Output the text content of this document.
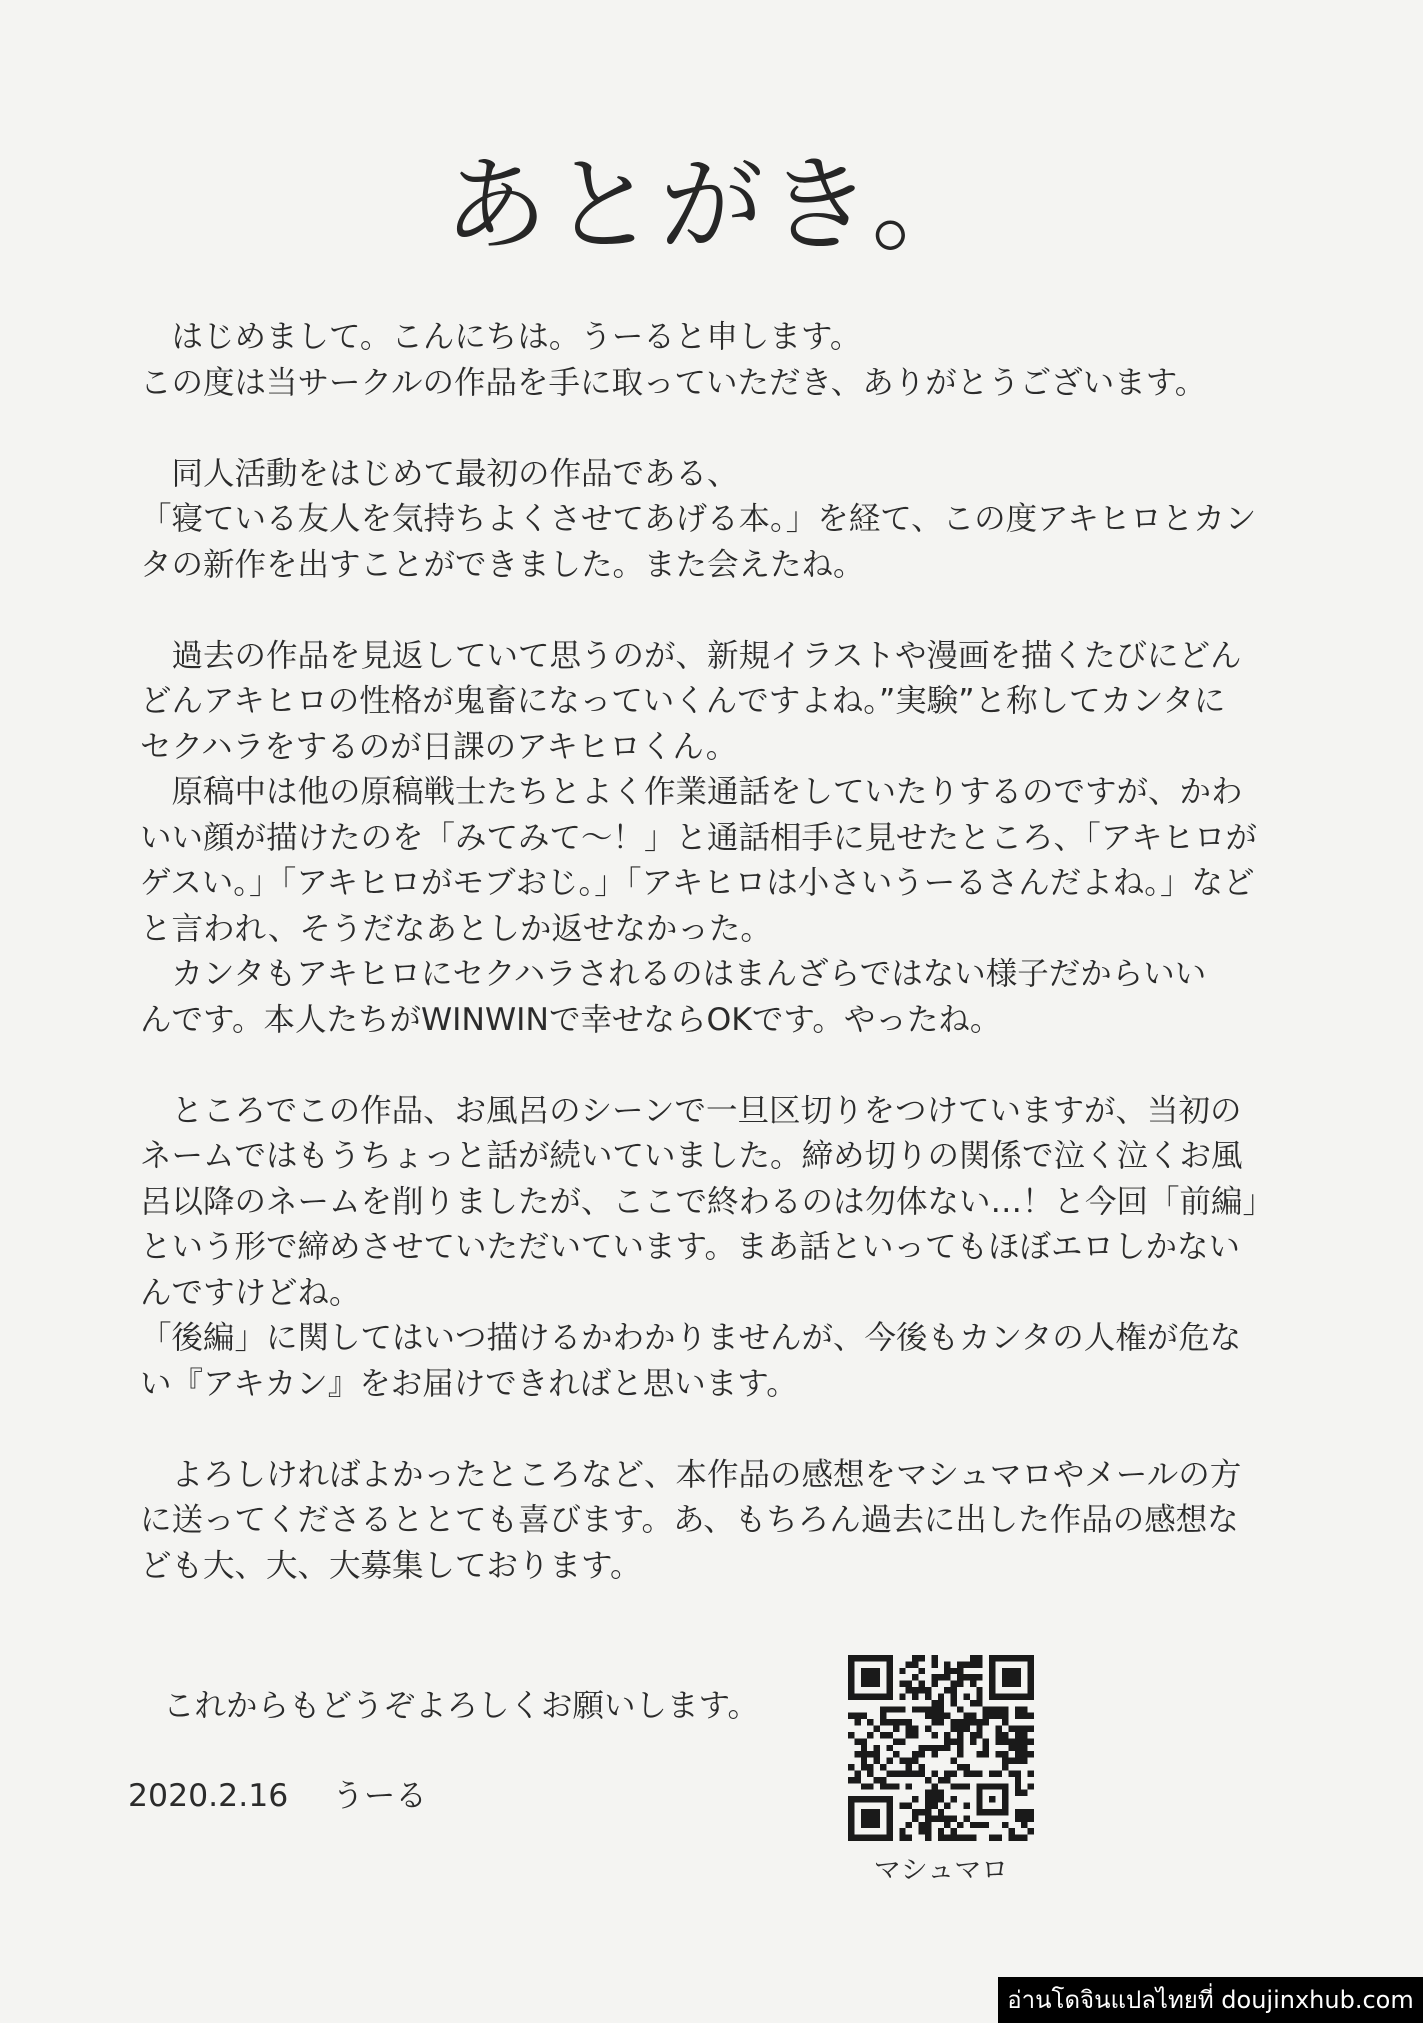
あとがき。
　はじめまして。こんにちは。うーると申します。
この度は当サークルの作品を手に取っていただき、ありがとうございます。
　同人活動をはじめて最初の作品である、
「寝ている友人を気持ちよくさせてあげる本。」を経て、この度アキヒロとカン
タの新作を出すことができました。また会えたね。
　過去の作品を見返していて思うのが、新規イラストや漫画を描くたびにどん
どんアキヒロの性格が鬼畜になっていくんですよね。”実験”と称してカンタに
セクハラをするのが日課のアキヒロくん。
　原稿中は他の原稿戦士たちとよく作業通話をしていたりするのですが、かわ
いい顔が描けたのを「みてみて～！」と通話相手に見せたところ、「アキヒロが
ゲスい。」「アキヒロがモブおじ。」「アキヒロは小さいうーるさんだよね。」など
と言われ、そうだなあとしか返せなかった。
　カンタもアキヒロにセクハラされるのはまんざらではない様子だからいい
んです。本人たちがWINWINで幸せならOKです。やったね。
　ところでこの作品、お風呂のシーンで一旦区切りをつけていますが、当初の
ネームではもうちょっと話が続いていました。締め切りの関係で泣く泣くお風
呂以降のネームを削りましたが、ここで終わるのは勿体ない…！と今回「前編」
という形で締めさせていただいています。まあ話といってもほぼエロしかない
んですけどね。
「後編」に関してはいつ描けるかわかりませんが、今後もカンタの人権が危な
い『アキカン』をお届けできればと思います。
　よろしければよかったところなど、本作品の感想をマシュマロやメールの方
に送ってくださるととても喜びます。あ、もちろん過去に出した作品の感想な
ども大、大、大募集しております。
これからもどうぞよろしくお願いします。
2020.2.16 うーる
マシュマロ
อ่านโดจินแปลไทยที่ doujinxhub.com
